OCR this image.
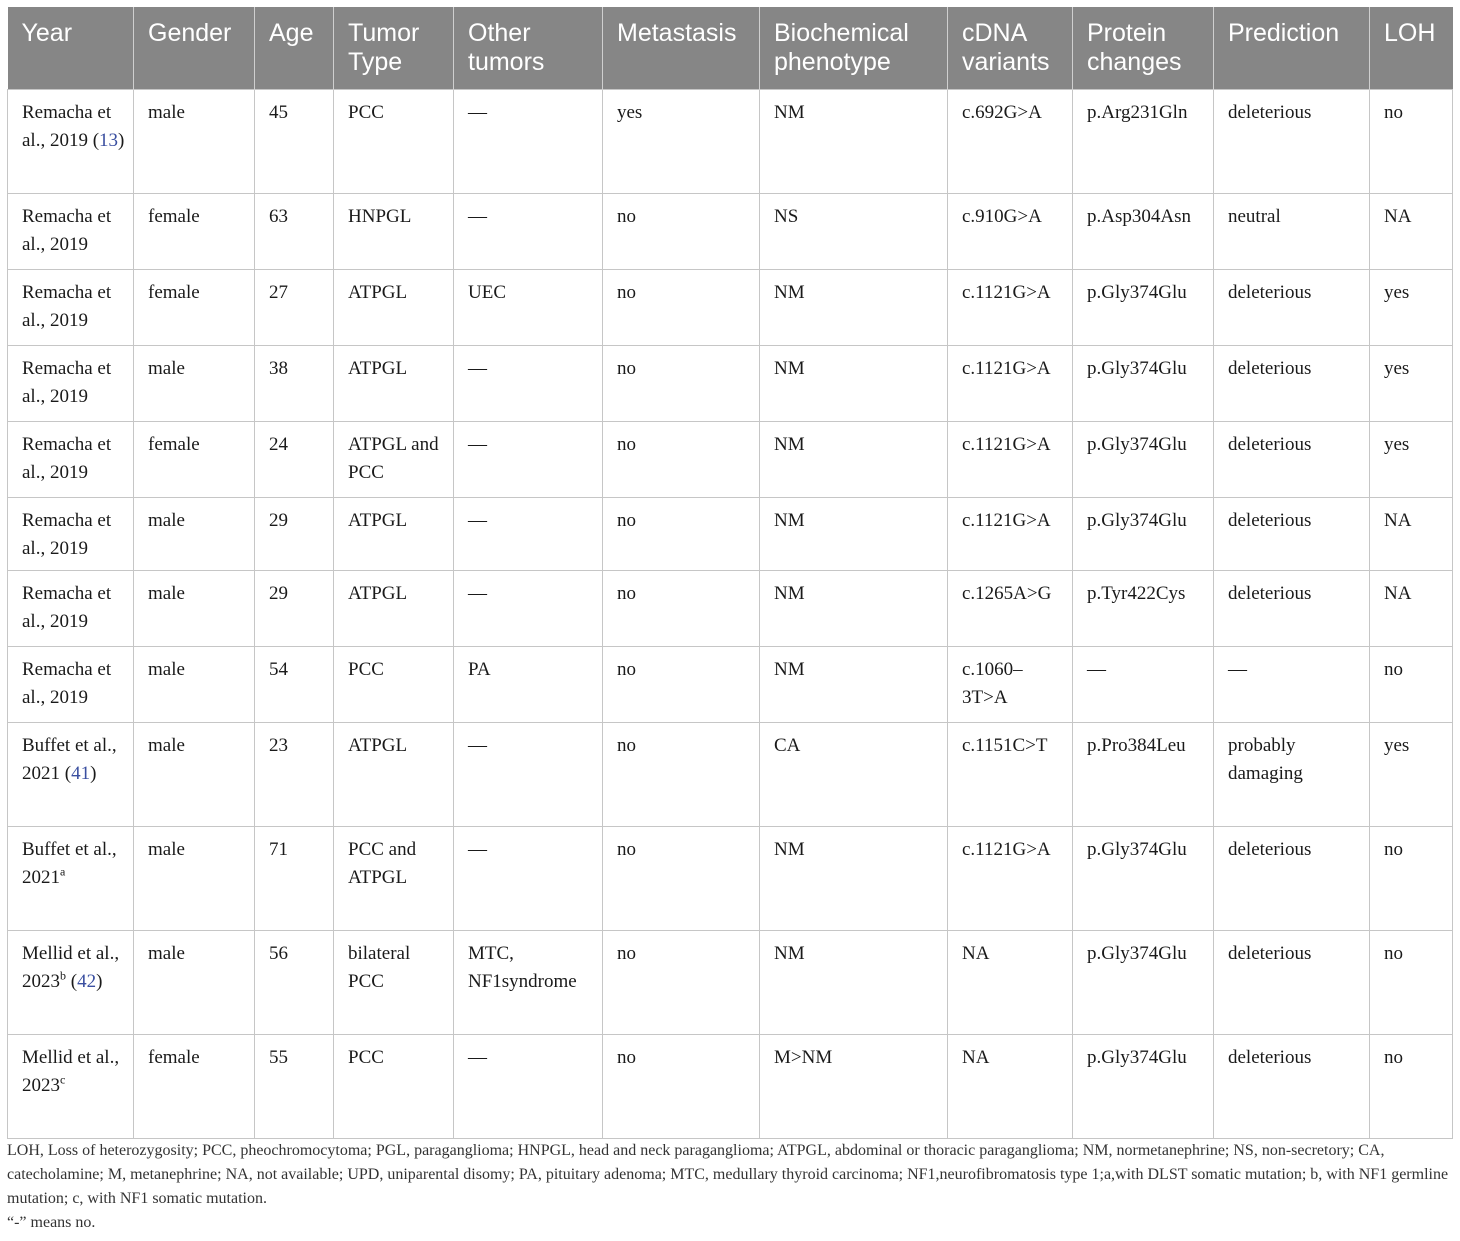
Year	Gender	Age	Tumor Type	Other tumors	Metastasis	Biochemical phenotype	cDNA variants	Protein changes	Prediction	LOH
Remacha et al., 2019 (13)	male	45	PCC	—	yes	NM	c.692G>A	p.Arg231Gln	deleterious	no
Remacha et al., 2019	female	63	HNPGL	—	no	NS	c.910G>A	p.Asp304Asn	neutral	NA
Remacha et al., 2019	female	27	ATPGL	UEC	no	NM	c.1121G>A	p.Gly374Glu	deleterious	yes
Remacha et al., 2019	male	38	ATPGL	—	no	NM	c.1121G>A	p.Gly374Glu	deleterious	yes
Remacha et al., 2019	female	24	ATPGL and PCC	—	no	NM	c.1121G>A	p.Gly374Glu	deleterious	yes
Remacha et al., 2019	male	29	ATPGL	—	no	NM	c.1121G>A	p.Gly374Glu	deleterious	NA
Remacha et al., 2019	male	29	ATPGL	—	no	NM	c.1265A>G	p.Tyr422Cys	deleterious	NA
Remacha et al., 2019	male	54	PCC	PA	no	NM	c.1060–3T>A	—	—	no
Buffet et al., 2021 (41)	male	23	ATPGL	—	no	CA	c.1151C>T	p.Pro384Leu	probably damaging	yes
Buffet et al., 2021$^a$	male	71	PCC and ATPGL	—	no	NM	c.1121G>A	p.Gly374Glu	deleterious	no
Mellid et al., 2023$^b$ (42)	male	56	bilateral PCC	MTC, NF1syndrome	no	NM	NA	p.Gly374Glu	deleterious	no
Mellid et al., 2023$^c$	female	55	PCC	—	no	M>NM	NA	p.Gly374Glu	deleterious	no

LOH, Loss of heterozygosity; PCC, pheochromocytoma; PGL, paraganglioma; HNPGL, head and neck paraganglioma; ATPGL, abdominal or thoracic paraganglioma; NM, normetanephrine; NS, non-secretory; CA, catecholamine; M, metanephrine; NA, not available; UPD, uniparental disomy; PA, pituitary adenoma; MTC, medullary thyroid carcinoma; NF1,neurofibromatosis type 1;a,with DLST somatic mutation; b, with NF1 germline mutation; c, with NF1 somatic mutation.

“-” means no.
